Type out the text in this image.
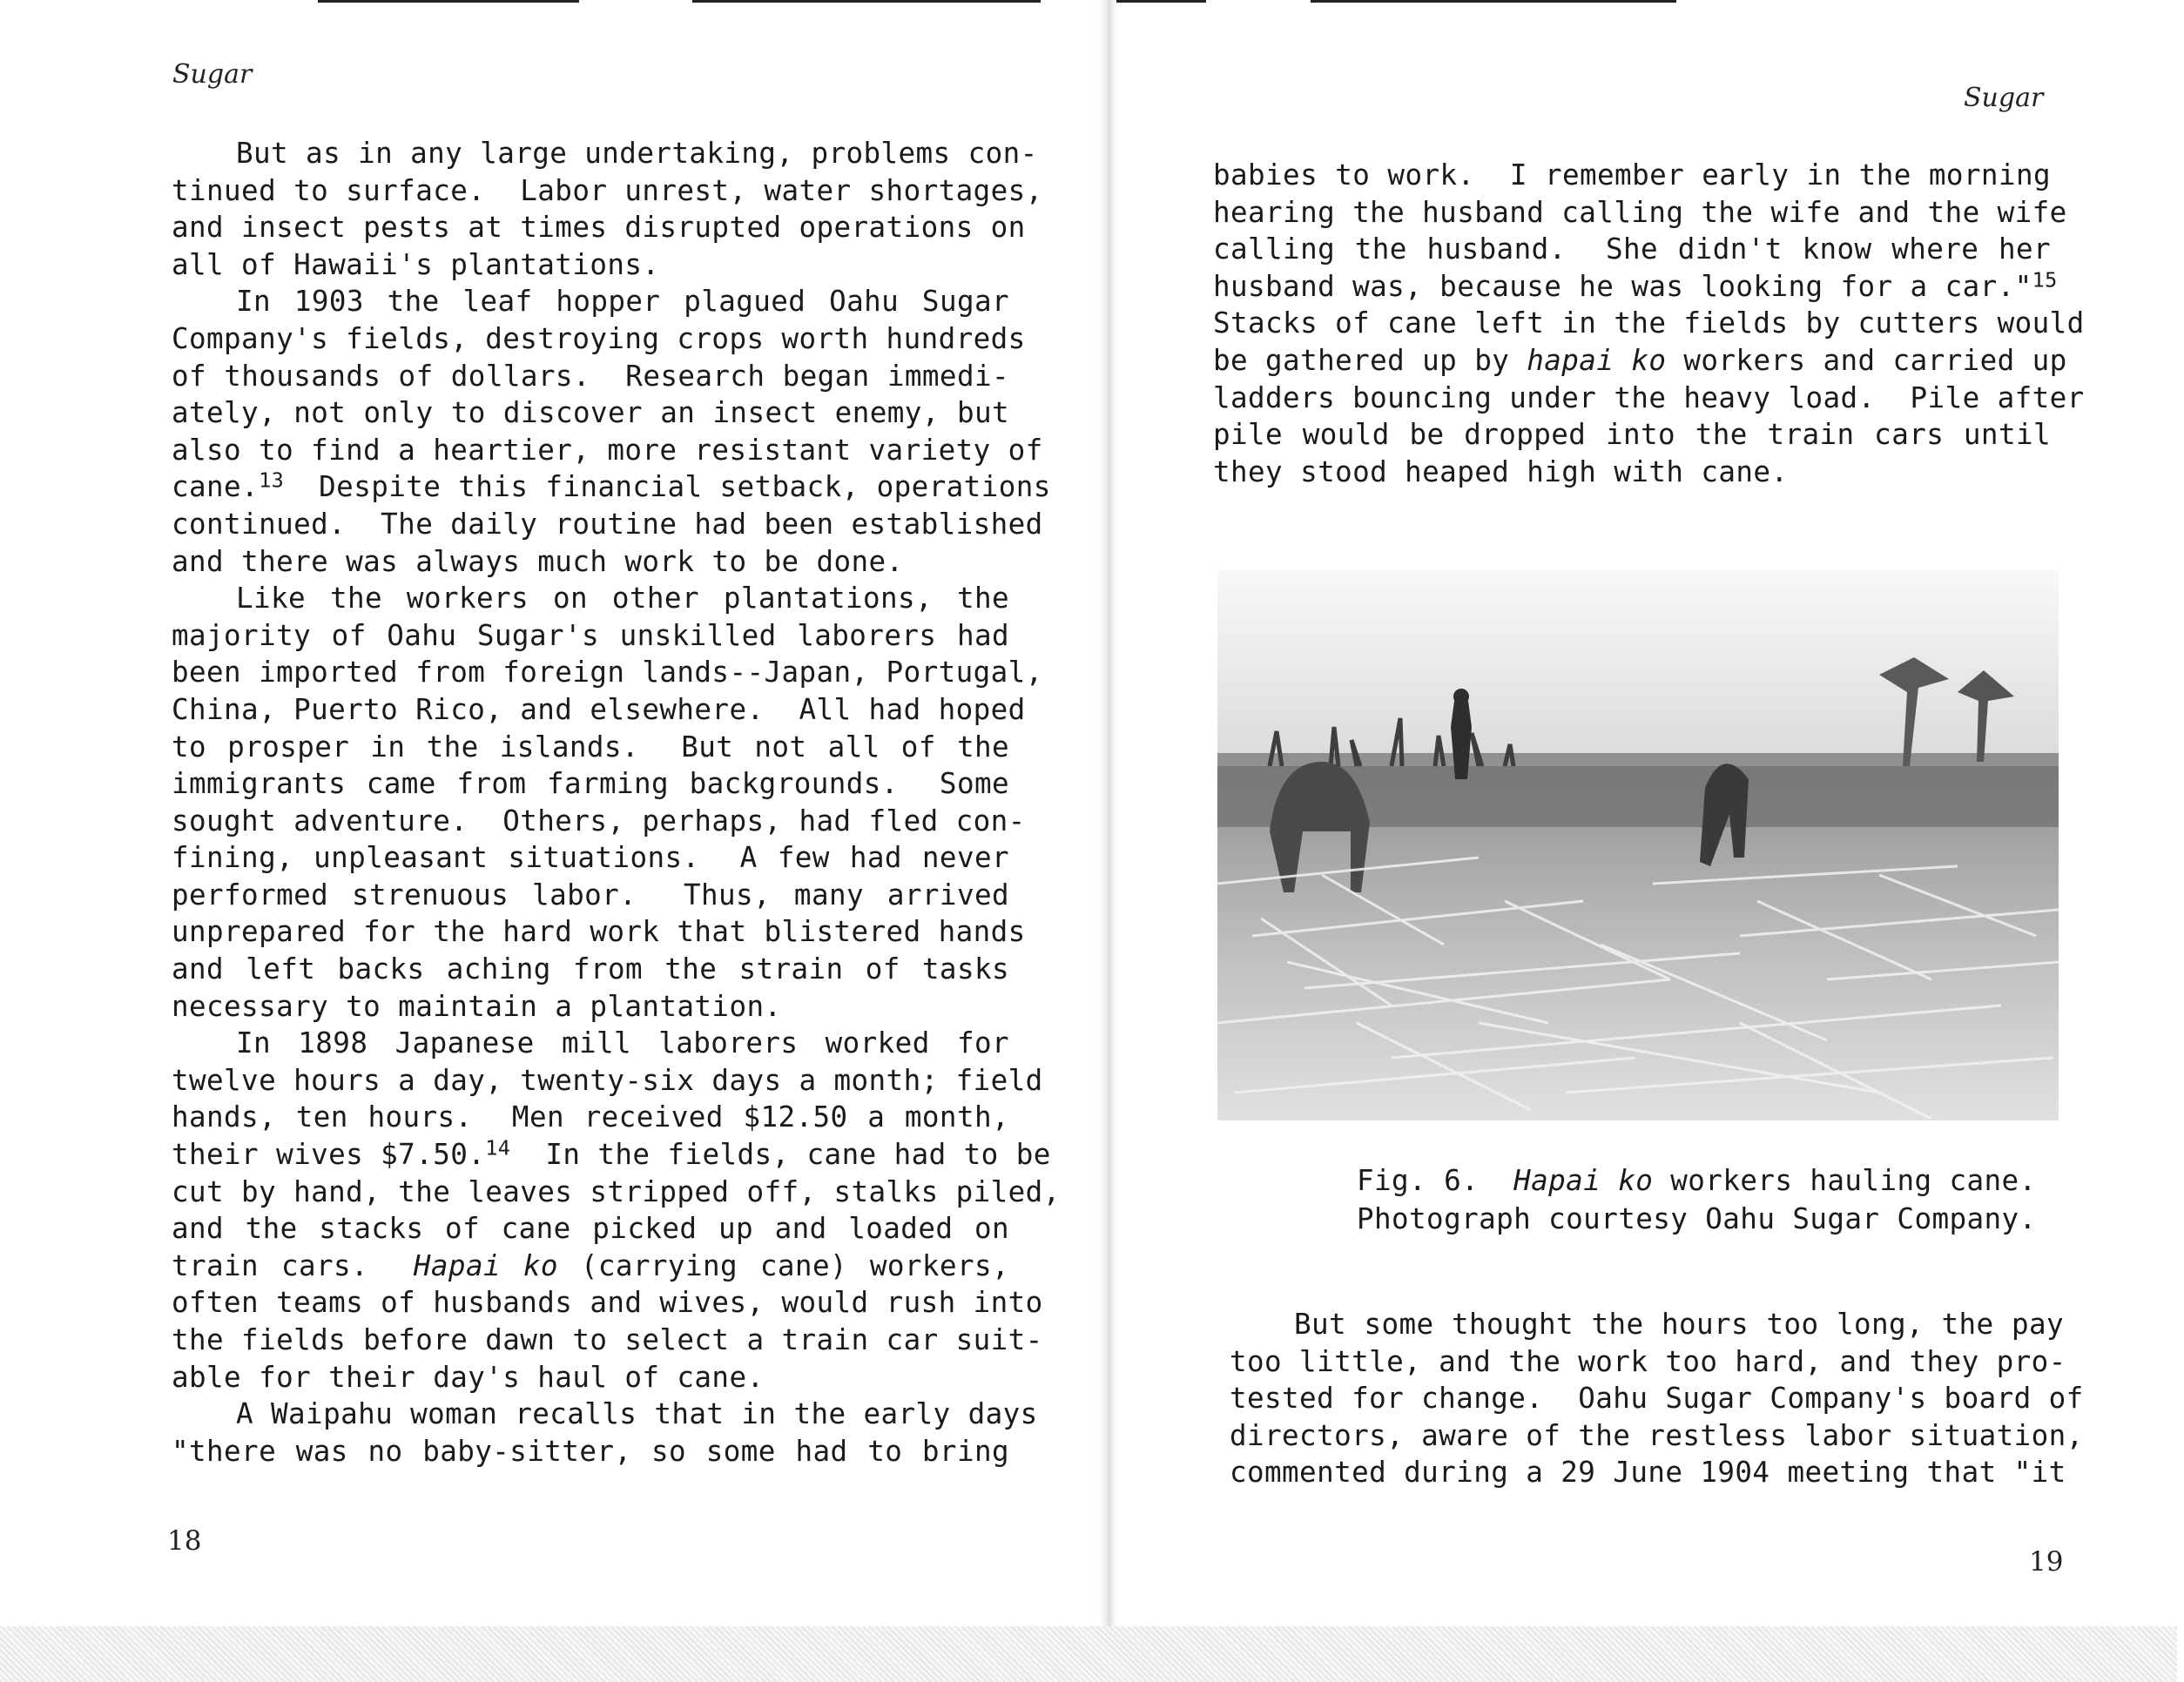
Sugar
But as in any large undertaking, problems con-
tinued to surface.  Labor unrest, water shortages,
and insect pests at times disrupted operations on
all of Hawaii's plantations.
In 1903 the leaf hopper plagued Oahu Sugar
Company's fields, destroying crops worth hundreds
of thousands of dollars.  Research began immedi-
ately, not only to discover an insect enemy, but
also to find a heartier, more resistant variety of
cane.$^{13}$  Despite this financial setback, operations
continued.  The daily routine had been established
and there was always much work to be done.
Like the workers on other plantations, the
majority of Oahu Sugar's unskilled laborers had
been imported from foreign lands--Japan, Portugal,
China, Puerto Rico, and elsewhere.  All had hoped
to prosper in the islands.  But not all of the
immigrants came from farming backgrounds.  Some
sought adventure.  Others, perhaps, had fled con-
fining, unpleasant situations.  A few had never
performed strenuous labor.  Thus, many arrived
unprepared for the hard work that blistered hands
and left backs aching from the strain of tasks
necessary to maintain a plantation.
In 1898 Japanese mill laborers worked for
twelve hours a day, twenty-six days a month; field
hands, ten hours.  Men received $12.50 a month,
their wives $7.50.14  In the fields, cane had to be
cut by hand, the leaves stripped off, stalks piled,
and the stacks of cane picked up and loaded on
train cars.  Hapai ko (carrying cane) workers,
often teams of husbands and wives, would rush into
the fields before dawn to select a train car suit-
able for their day's haul of cane.
A Waipahu woman recalls that in the early days
"there was no baby-sitter, so some had to bring
18
Sugar
babies to work.  I remember early in the morning
hearing the husband calling the wife and the wife
calling the husband.  She didn't know where her
husband was, because he was looking for a car."$^{15}$
Stacks of cane left in the fields by cutters would
be gathered up by hapai ko workers and carried up
ladders bouncing under the heavy load.  Pile after
pile would be dropped into the train cars until
they stood heaped high with cane.
Fig. 6. Hapai ko workers hauling cane.
Photograph courtesy Oahu Sugar Company.
But some thought the hours too long, the pay
too little, and the work too hard, and they pro-
tested for change.  Oahu Sugar Company's board of
directors, aware of the restless labor situation,
commented during a 29 June 1904 meeting that "it
19
